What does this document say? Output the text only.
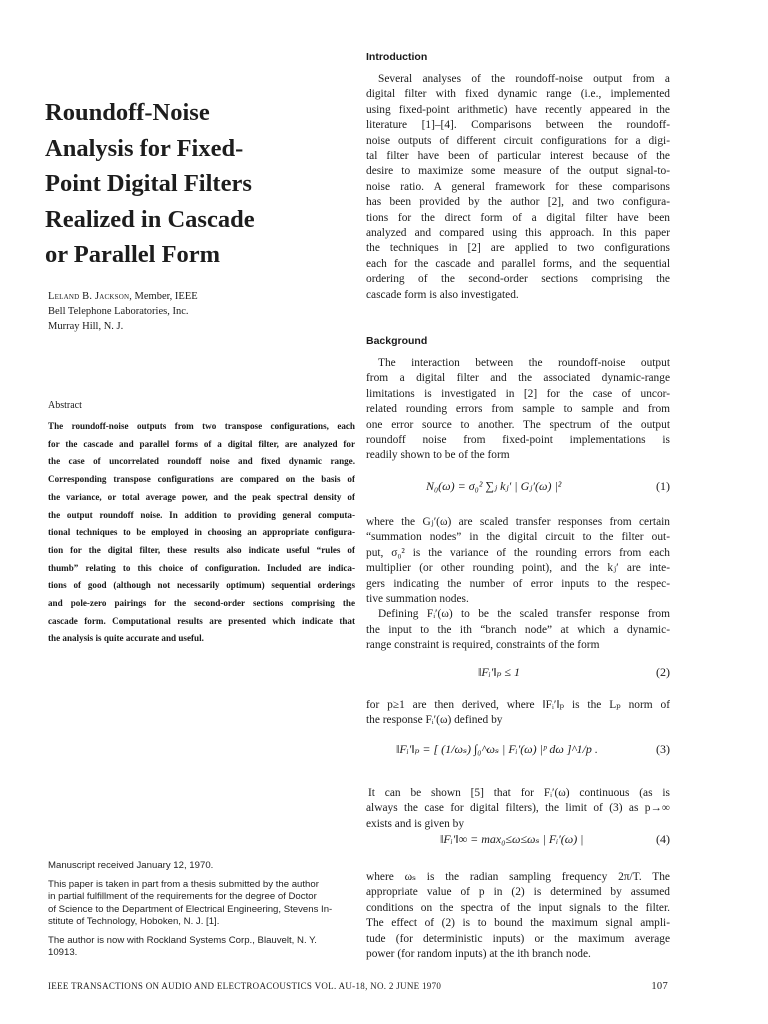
Roundoff-Noise
Analysis for Fixed-
Point Digital Filters
Realized in Cascade
or Parallel Form
Leland B. Jackson, Member, IEEE
Bell Telephone Laboratories, Inc.
Murray Hill, N. J.
Abstract
The roundoff-noise outputs from two transpose configurations, each
for the cascade and parallel forms of a digital filter, are analyzed for
the case of uncorrelated roundoff noise and fixed dynamic range.
Corresponding transpose configurations are compared on the basis of
the variance, or total average power, and the peak spectral density of
the output roundoff noise. In addition to providing general computa-
tional techniques to be employed in choosing an appropriate configura-
tion for the digital filter, these results also indicate useful “rules of
thumb” relating to this choice of configuration. Included are indica-
tions of good (although not necessarily optimum) sequential orderings
and pole-zero pairings for the second-order sections comprising the
cascade form. Computational results are presented which indicate that
the analysis is quite accurate and useful.

Manuscript received January 12, 1970.

This paper is taken in part from a thesis submitted by the author
in partial fulfillment of the requirements for the degree of Doctor
of Science to the Department of Electrical Engineering, Stevens In-
stitute of Technology, Hoboken, N. J. [1].

The author is now with Rockland Systems Corp., Blauvelt, N. Y.
10913.

Introduction
Several analyses of the roundoff-noise output from a
digital filter with fixed dynamic range (i.e., implemented
using fixed-point arithmetic) have recently appeared in the
literature [1]–[4]. Comparisons between the roundoff-
noise outputs of different circuit configurations for a digi-
tal filter have been of particular interest because of the
desire to maximize some measure of the output signal-to-
noise ratio. A general framework for these comparisons
has been provided by the author [2], and two configura-
tions for the direct form of a digital filter have been
analyzed and compared using this approach. In this paper
the techniques in [2] are applied to two configurations
each for the cascade and parallel forms, and the sequential
ordering of the second-order sections comprising the
cascade form is also investigated.
Background
The interaction between the roundoff-noise output
from a digital filter and the associated dynamic-range
limitations is investigated in [2] for the case of uncor-
related rounding errors from sample to sample and from
one error source to another. The spectrum of the output
roundoff noise from fixed-point implementations is
readily shown to be of the form
N₀(ω) = σ₀² ∑ⱼ kⱼ′ | Gⱼ′(ω) |²	(1)
where the Gⱼ′(ω) are scaled transfer responses from certain
“summation nodes” in the digital circuit to the filter out-
put, σ₀² is the variance of the rounding errors from each
multiplier (or other rounding point), and the kⱼ′ are inte-
gers indicating the number of error inputs to the respec-
tive summation nodes.
Defining Fᵢ′(ω) to be the scaled transfer response from
the input to the ith “branch node” at which a dynamic-
range constraint is required, constraints of the form
‖Fᵢ′‖ₚ ≤ 1	(2)
for p≥1 are then derived, where ‖Fᵢ′‖ₚ is the Lₚ norm of
the response Fᵢ′(ω) defined by
‖Fᵢ′‖ₚ = [ (1/ωₛ) ∫₀^ωₛ | Fᵢ′(ω) |ᵖ dω ]^1/p .	(3)
It can be shown [5] that for Fᵢ′(ω) continuous (as is
always the case for digital filters), the limit of (3) as p→∞
exists and is given by
‖Fᵢ′‖∞ = max₀≤ω≤ωₛ | Fᵢ′(ω) |	(4)
where ωₛ is the radian sampling frequency 2π/T. The
appropriate value of p in (2) is determined by assumed
conditions on the spectra of the input signals to the filter.
The effect of (2) is to bound the maximum signal ampli-
tude (for deterministic inputs) or the maximum average
power (for random inputs) at the ith branch node.
IEEE TRANSACTIONS ON AUDIO AND ELECTROACOUSTICS VOL. AU-18, NO. 2 JUNE 1970	107
